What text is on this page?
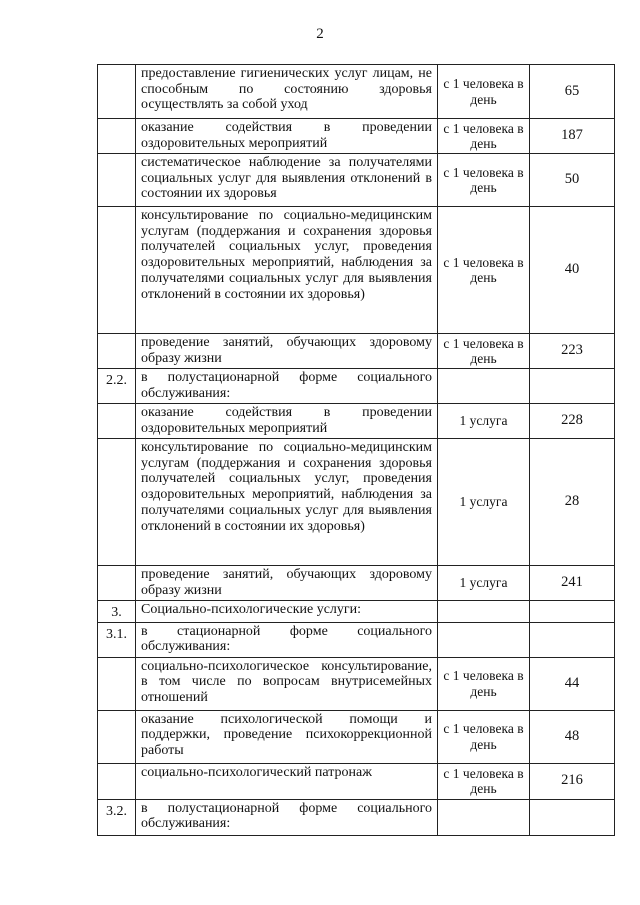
2
	предоставление гигиенических услуг лицам, не способным по состоянию здоровья осуществлять за собой уход	с 1 человека в день	65
	оказание содействия в проведении оздоровительных мероприятий	с 1 человека в день	187
	систематическое наблюдение за получателями социальных услуг для выявления отклонений в состоянии их здоровья	с 1 человека в день	50
	консультирование по социально-медицинским услугам (поддержания и сохранения здоровья получателей социальных услуг, проведения оздоровительных мероприятий, наблюдения за получателями социальных услуг для выявления отклонений в состоянии их здоровья)	с 1 человека в день	40
	проведение занятий, обучающих здоровому образу жизни	с 1 человека в день	223
2.2.	в полустационарной форме социального обслуживания:		
	оказание содействия в проведении оздоровительных мероприятий	1 услуга	228
	консультирование по социально-медицинским услугам (поддержания и сохранения здоровья получателей социальных услуг, проведения оздоровительных мероприятий, наблюдения за получателями социальных услуг для выявления отклонений в состоянии их здоровья)	1 услуга	28
	проведение занятий, обучающих здоровому образу жизни	1 услуга	241
3.	Социально-психологические услуги:		
3.1.	в стационарной форме социального обслуживания:		
	социально-психологическое консультирование, в том числе по вопросам внутрисемейных отношений	с 1 человека в день	44
	оказание психологической помощи и поддержки, проведение психокоррекционной работы	с 1 человека в день	48
	социально-психологический патронаж	с 1 человека в день	216
3.2.	в полустационарной форме социального обслуживания:		
